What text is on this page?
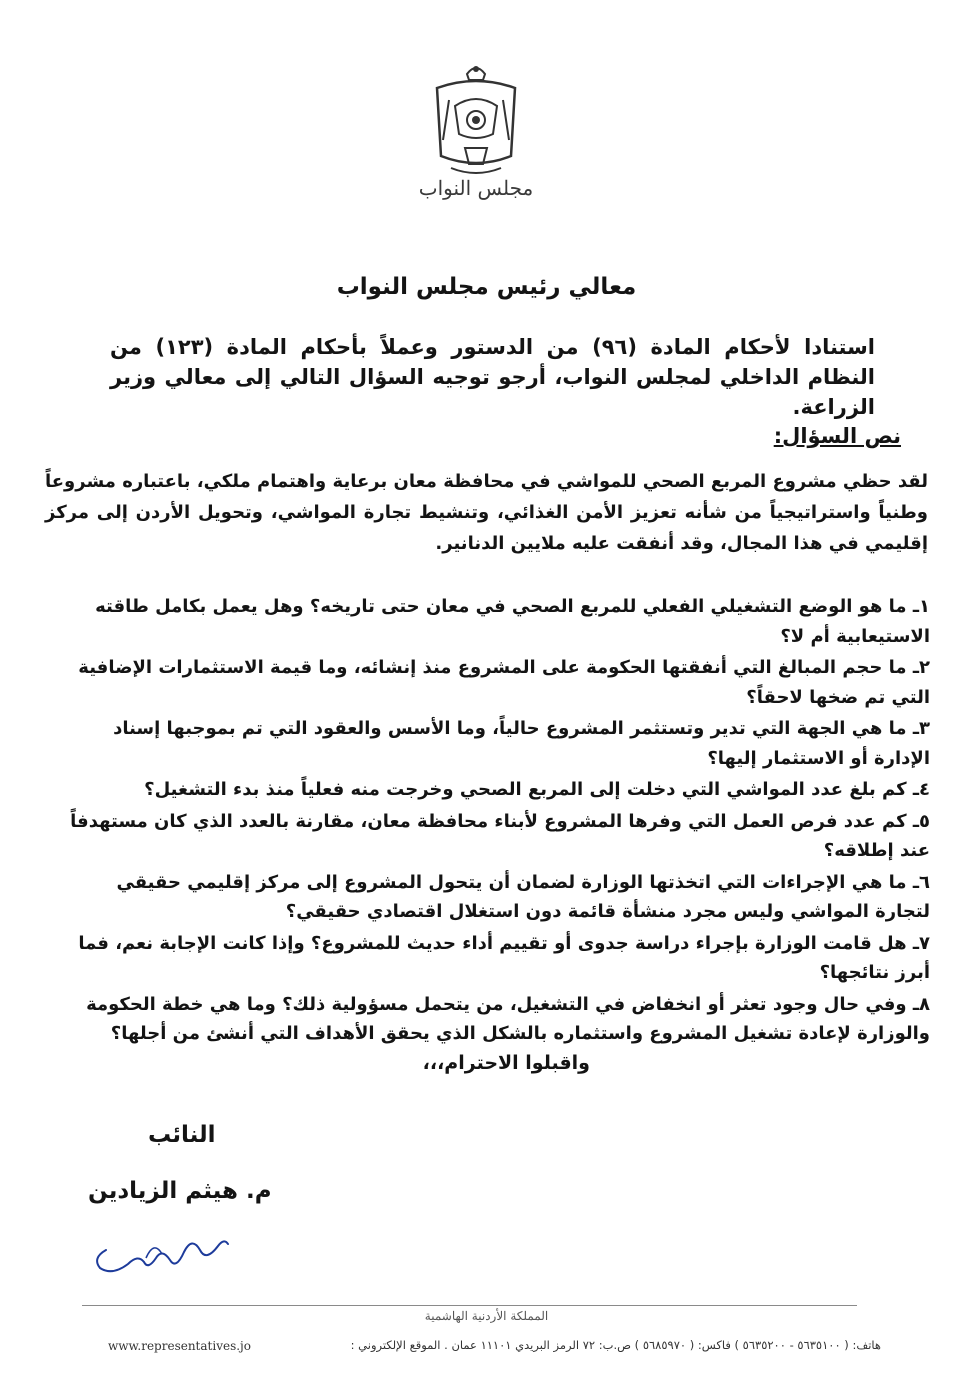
مجلس النواب
معالي رئيس مجلس النواب
استنادا لأحكام المادة (٩٦) من الدستور وعملاً بأحكام المادة (١٢٣) من النظام الداخلي لمجلس النواب، أرجو توجيه السؤال التالي إلى معالي وزير الزراعة.
نص السؤال:
لقد حظي مشروع المربع الصحي للمواشي في محافظة معان برعاية واهتمام ملكي، باعتباره مشروعاً وطنياً واستراتيجياً من شأنه تعزيز الأمن الغذائي، وتنشيط تجارة المواشي، وتحويل الأردن إلى مركز إقليمي في هذا المجال، وقد أنفقت عليه ملايين الدنانير.
١ـ ما هو الوضع التشغيلي الفعلي للمربع الصحي في معان حتى تاريخه؟ وهل يعمل بكامل طاقته الاستيعابية أم لا؟
٢ـ ما حجم المبالغ التي أنفقتها الحكومة على المشروع منذ إنشائه، وما قيمة الاستثمارات الإضافية التي تم ضخها لاحقاً؟
٣ـ ما هي الجهة التي تدير وتستثمر المشروع حالياً، وما الأسس والعقود التي تم بموجبها إسناد الإدارة أو الاستثمار إليها؟
٤ـ كم بلغ عدد المواشي التي دخلت إلى المربع الصحي وخرجت منه فعلياً منذ بدء التشغيل؟
٥ـ كم عدد فرص العمل التي وفرها المشروع لأبناء محافظة معان، مقارنة بالعدد الذي كان مستهدفاً عند إطلاقه؟
٦ـ ما هي الإجراءات التي اتخذتها الوزارة لضمان أن يتحول المشروع إلى مركز إقليمي حقيقي لتجارة المواشي وليس مجرد منشأة قائمة دون استغلال اقتصادي حقيقي؟
٧ـ هل قامت الوزارة بإجراء دراسة جدوى أو تقييم أداء حديث للمشروع؟ وإذا كانت الإجابة نعم، فما أبرز نتائجها؟
٨ـ وفي حال وجود تعثر أو انخفاض في التشغيل، من يتحمل مسؤولية ذلك؟ وما هي خطة الحكومة والوزارة لإعادة تشغيل المشروع واستثماره بالشكل الذي يحقق الأهداف التي أنشئ من أجلها؟
واقبلوا الاحترام،،،
النائب
م. هيثم الزيادين
المملكة الأردنية الهاشمية
هاتف: ( ٥٦٣٥١٠٠ - ٥٦٣٥٢٠٠ ) فاكس: ( ٥٦٨٥٩٧٠ ) ص.ب: ٧٢ الرمز البريدي ١١١٠١ عمان . الموقع الإلكتروني :
www.representatives.jo
